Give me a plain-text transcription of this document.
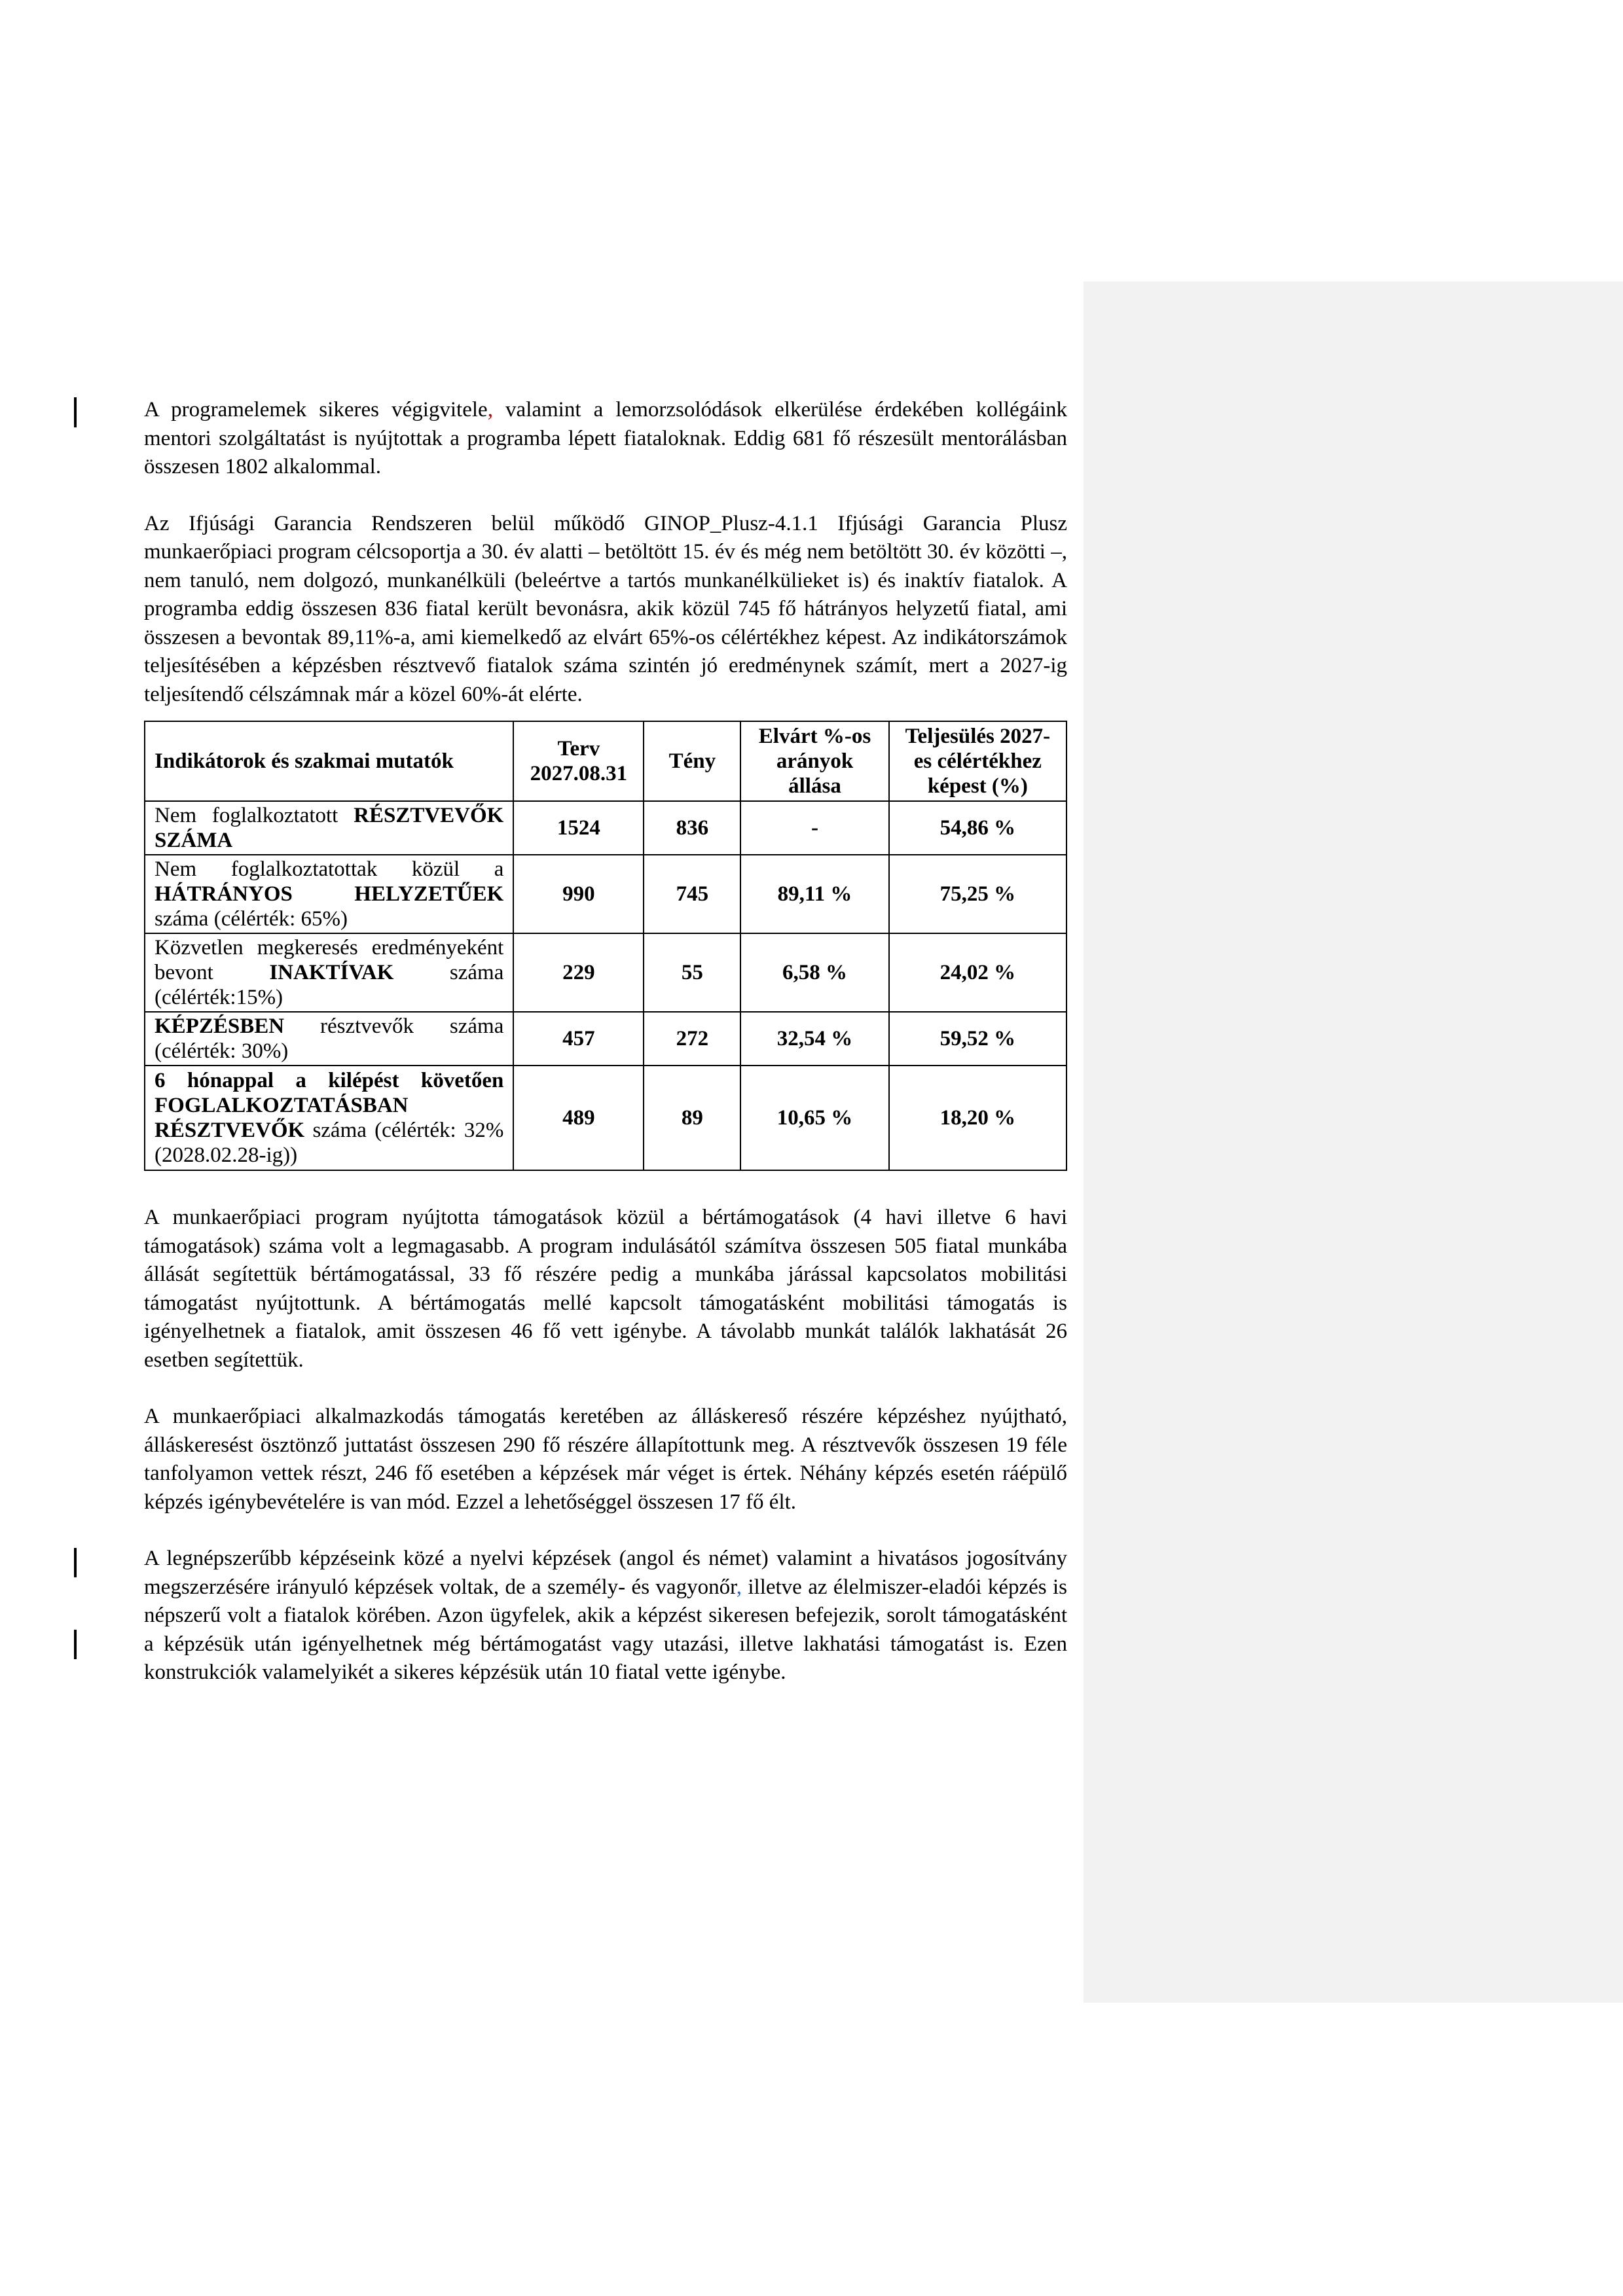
A programelemek sikeres végigvitele, valamint a lemorzsolódások elkerülése érdekében kollégáink mentori szolgáltatást is nyújtottak a programba lépett fiataloknak. Eddig 681 fő részesült mentorálásban összesen 1802 alkalommal.

Az Ifjúsági Garancia Rendszeren belül működő GINOP_Plusz-4.1.1 Ifjúsági Garancia Plusz munkaerőpiaci program célcsoportja a 30. év alatti – betöltött 15. év és még nem betöltött 30. év közötti –, nem tanuló, nem dolgozó, munkanélküli (beleértve a tartós munkanélkülieket is) és inaktív fiatalok. A programba eddig összesen 836 fiatal került bevonásra, akik közül 745 fő hátrányos helyzetű fiatal, ami összesen a bevontak 89,11%-a, ami kiemelkedő az elvárt 65%-os célértékhez képest. Az indikátorszámok teljesítésében a képzésben résztvevő fiatalok száma szintén jó eredménynek számít, mert a 2027-ig teljesítendő célszámnak már a közel 60%-át elérte.

Indikátorok és szakmai mutatók	Terv 2027.08.31	Tény	Elvárt %-os arányok állása	Teljesülés 2027-es célértékhez képest (%)
Nem foglalkoztatott RÉSZTVEVŐK SZÁMA	1524	836	-	54,86 %
Nem foglalkoztatottak közül a HÁTRÁNYOS HELYZETŰEK száma (célérték: 65%)	990	745	89,11 %	75,25 %
Közvetlen megkeresés eredményeként bevont INAKTÍVAK száma (célérték:15%)	229	55	6,58 %	24,02 %
KÉPZÉSBEN résztvevők száma (célérték: 30%)	457	272	32,54 %	59,52 %
6 hónappal a kilépést követően FOGLALKOZTATÁSBAN RÉSZTVEVŐK száma (célérték: 32% (2028.02.28-ig))	489	89	10,65 %	18,20 %

A munkaerőpiaci program nyújtotta támogatások közül a bértámogatások (4 havi illetve 6 havi támogatások) száma volt a legmagasabb. A program indulásától számítva összesen 505 fiatal munkába állását segítettük bértámogatással, 33 fő részére pedig a munkába járással kapcsolatos mobilitási támogatást nyújtottunk. A bértámogatás mellé kapcsolt támogatásként mobilitási támogatás is igényelhetnek a fiatalok, amit összesen 46 fő vett igénybe. A távolabb munkát találók lakhatását 26 esetben segítettük.

A munkaerőpiaci alkalmazkodás támogatás keretében az álláskereső részére képzéshez nyújtható, álláskeresést ösztönző juttatást összesen 290 fő részére állapítottunk meg. A résztvevők összesen 19 féle tanfolyamon vettek részt, 246 fő esetében a képzések már véget is értek. Néhány képzés esetén ráépülő képzés igénybevételére is van mód. Ezzel a lehetőséggel összesen 17 fő élt.

A legnépszerűbb képzéseink közé a nyelvi képzések (angol és német) valamint a hivatásos jogosítvány megszerzésére irányuló képzések voltak, de a személy- és vagyonőr, illetve az élelmiszer-eladói képzés is népszerű volt a fiatalok körében. Azon ügyfelek, akik a képzést sikeresen befejezik, sorolt támogatásként a képzésük után igényelhetnek még bértámogatást vagy utazási, illetve lakhatási támogatást is. Ezen konstrukciók valamelyikét a sikeres képzésük után 10 fiatal vette igénybe.
